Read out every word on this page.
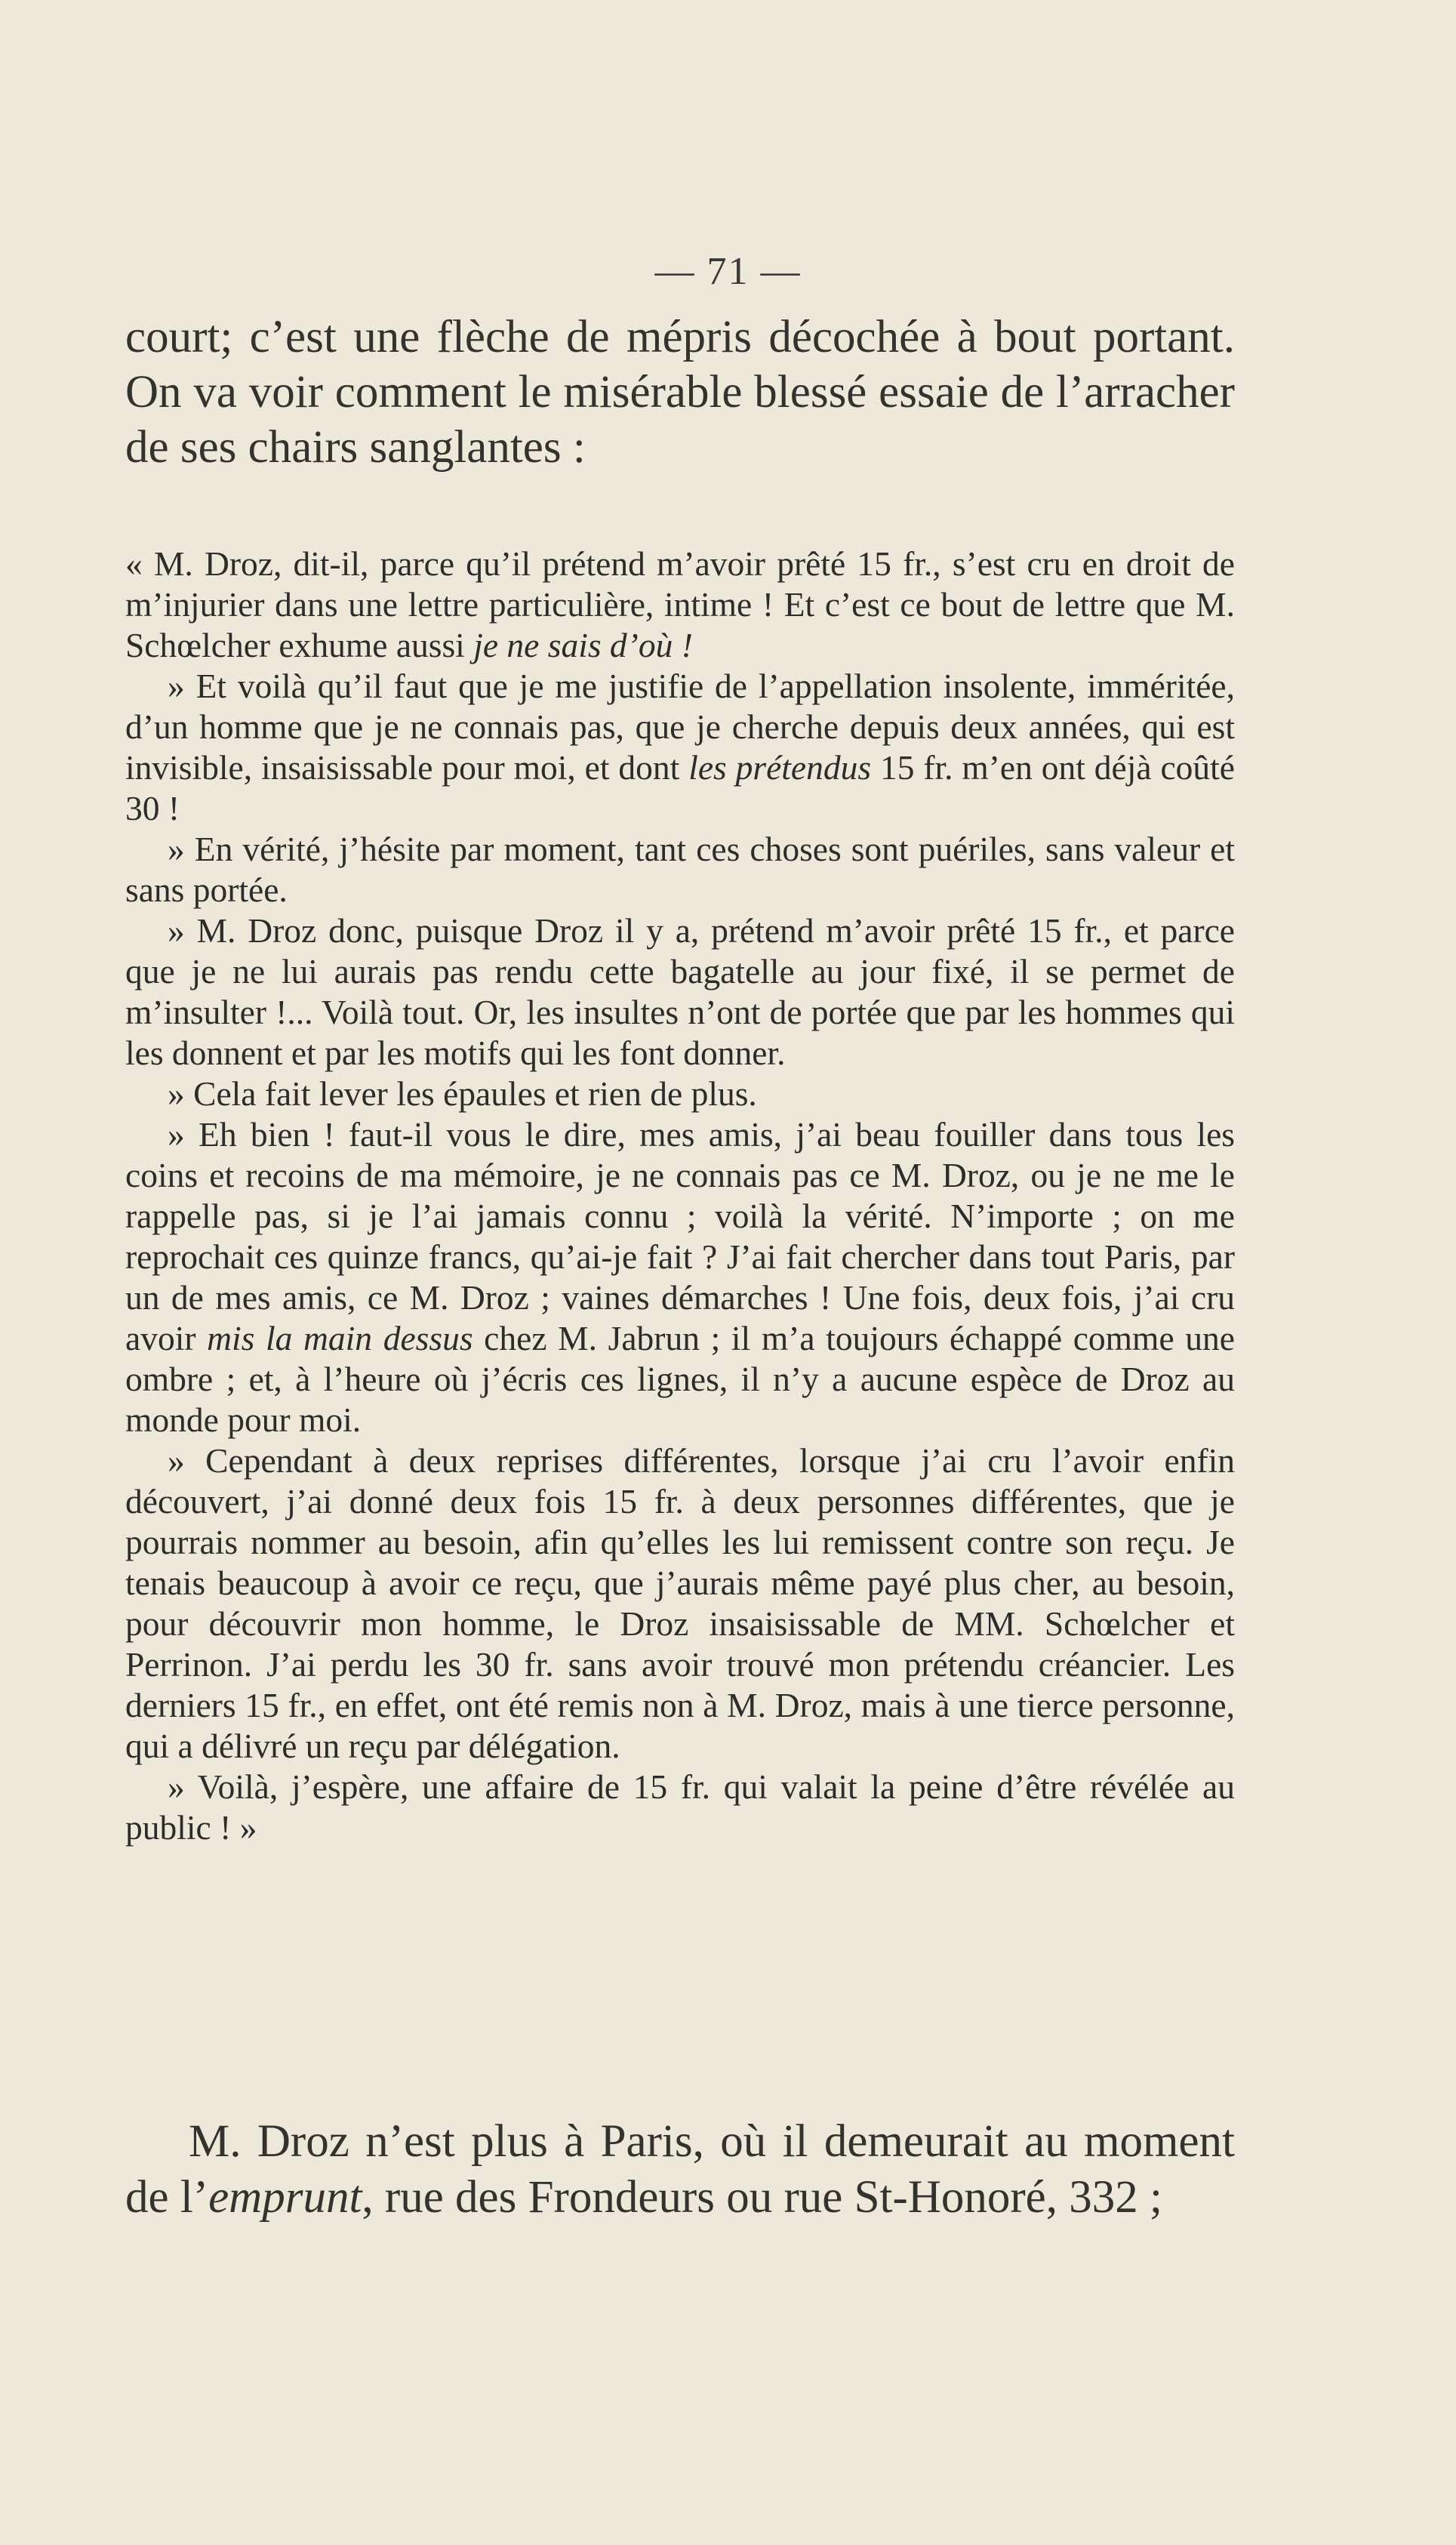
— 71 —

court; c’est une flèche de mépris décochée à bout portant. On va voir comment le misérable blessé essaie de l’arracher de ses chairs sanglantes :

« M. Droz, dit-il, parce qu’il prétend m’avoir prêté 15 fr., s’est cru en droit de m’injurier dans une lettre particulière, intime ! Et c’est ce bout de lettre que M. Schœlcher exhume aussi je ne sais d’où !

» Et voilà qu’il faut que je me justifie de l’appellation insolente, imméritée, d’un homme que je ne connais pas, que je cherche depuis deux années, qui est invisible, insaisissable pour moi, et dont les prétendus 15 fr. m’en ont déjà coûté 30 !

» En vérité, j’hésite par moment, tant ces choses sont puériles, sans valeur et sans portée.

» M. Droz donc, puisque Droz il y a, prétend m’avoir prêté 15 fr., et parce que je ne lui aurais pas rendu cette bagatelle au jour fixé, il se permet de m’insulter !... Voilà tout. Or, les insultes n’ont de portée que par les hommes qui les donnent et par les motifs qui les font donner.

» Cela fait lever les épaules et rien de plus.

» Eh bien ! faut-il vous le dire, mes amis, j’ai beau fouiller dans tous les coins et recoins de ma mémoire, je ne connais pas ce M. Droz, ou je ne me le rappelle pas, si je l’ai jamais connu ; voilà la vérité. N’importe ; on me reprochait ces quinze francs, qu’ai-je fait ? J’ai fait chercher dans tout Paris, par un de mes amis, ce M. Droz ; vaines démarches ! Une fois, deux fois, j’ai cru avoir mis la main dessus chez M. Jabrun ; il m’a toujours échappé comme une ombre ; et, à l’heure où j’écris ces lignes, il n’y a aucune espèce de Droz au monde pour moi.

» Cependant à deux reprises différentes, lorsque j’ai cru l’avoir enfin découvert, j’ai donné deux fois 15 fr. à deux personnes différentes, que je pourrais nommer au besoin, afin qu’elles les lui remissent contre son reçu. Je tenais beaucoup à avoir ce reçu, que j’aurais même payé plus cher, au besoin, pour découvrir mon homme, le Droz insaisissable de MM. Schœlcher et Perrinon. J’ai perdu les 30 fr. sans avoir trouvé mon prétendu créancier. Les derniers 15 fr., en effet, ont été remis non à M. Droz, mais à une tierce personne, qui a délivré un reçu par délégation.

» Voilà, j’espère, une affaire de 15 fr. qui valait la peine d’être révélée au public ! »

M. Droz n’est plus à Paris, où il demeurait au moment de l’emprunt, rue des Frondeurs ou rue St-Honoré, 332 ;
